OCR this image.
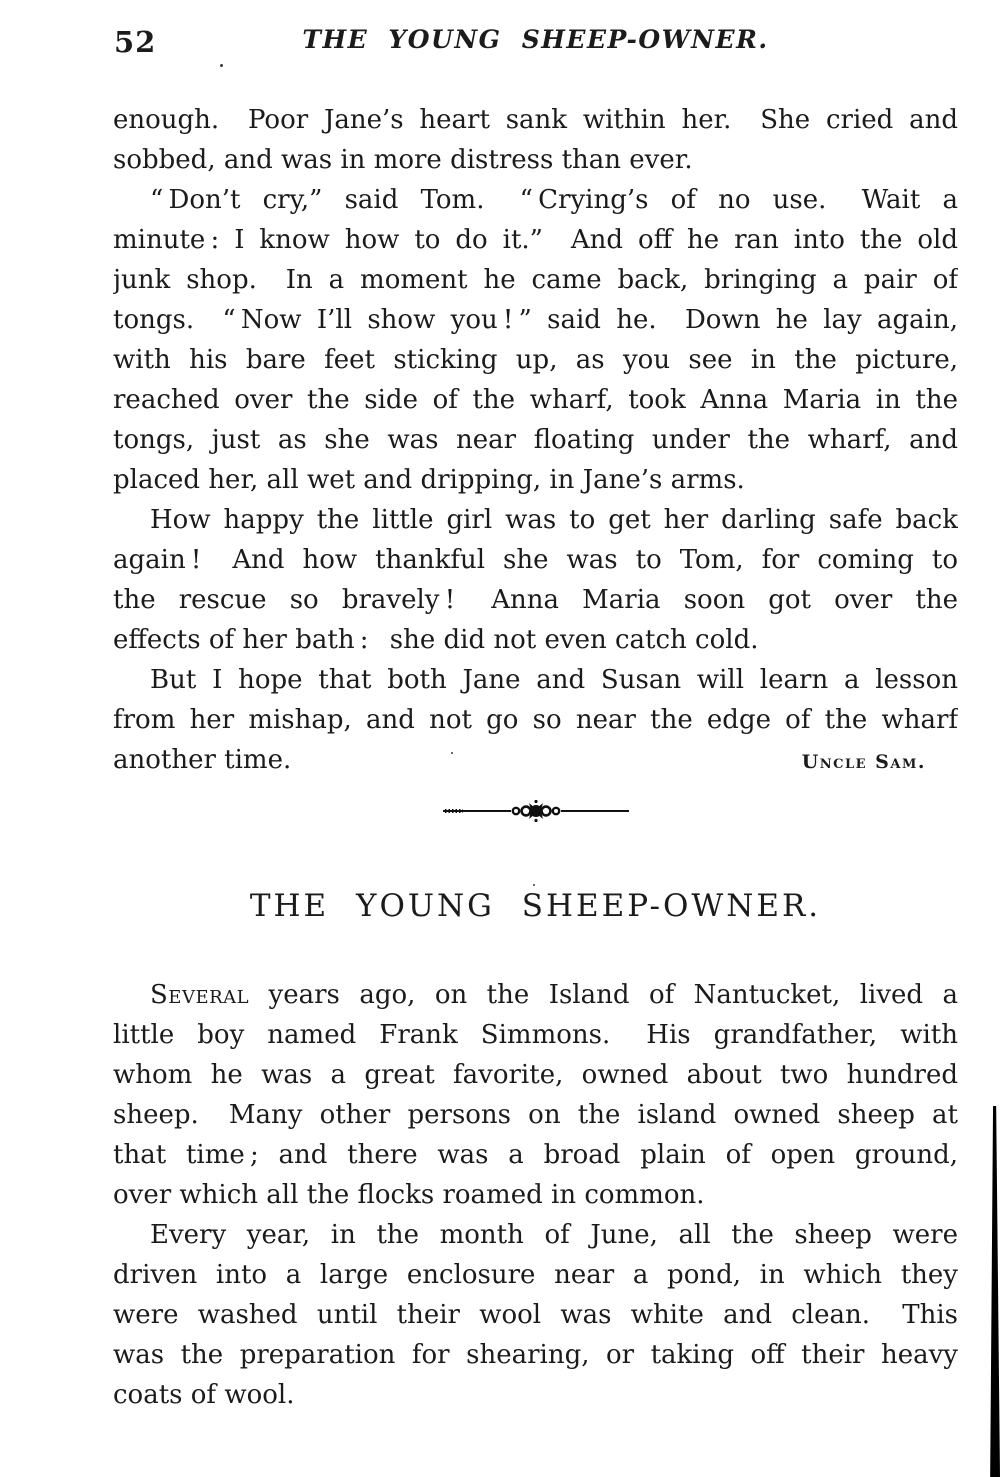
52	THE YOUNG SHEEP-OWNER.
enough.  Poor Jane’s heart sank within her.  She cried and
sobbed, and was in more distress than ever.
“ Don’t cry,” said Tom.  “ Crying’s of no use.  Wait a
minute : I know how to do it.”  And off he ran into the old
junk shop.  In a moment he came back, bringing a pair of
tongs.  “ Now I’ll show you ! ” said he.  Down he lay again,
with his bare feet sticking up, as you see in the picture,
reached over the side of the wharf, took Anna Maria in the
tongs, just as she was near floating under the wharf, and
placed her, all wet and dripping, in Jane’s arms.
How happy the little girl was to get her darling safe back
again !  And how thankful she was to Tom, for coming to
the rescue so bravely !  Anna Maria soon got over the
effects of her bath :  she did not even catch cold.
But I hope that both Jane and Susan will learn a lesson
from her mishap, and not go so near the edge of the wharf
another time.	Uncle Sam.
THE YOUNG SHEEP-OWNER.
Several years ago, on the Island of Nantucket, lived a
little boy named Frank Simmons.  His grandfather, with
whom he was a great favorite, owned about two hundred
sheep.  Many other persons on the island owned sheep at
that time ; and there was a broad plain of open ground,
over which all the flocks roamed in common.
Every year, in the month of June, all the sheep were
driven into a large enclosure near a pond, in which they
were washed until their wool was white and clean.  This
was the preparation for shearing, or taking off their heavy
coats of wool.
